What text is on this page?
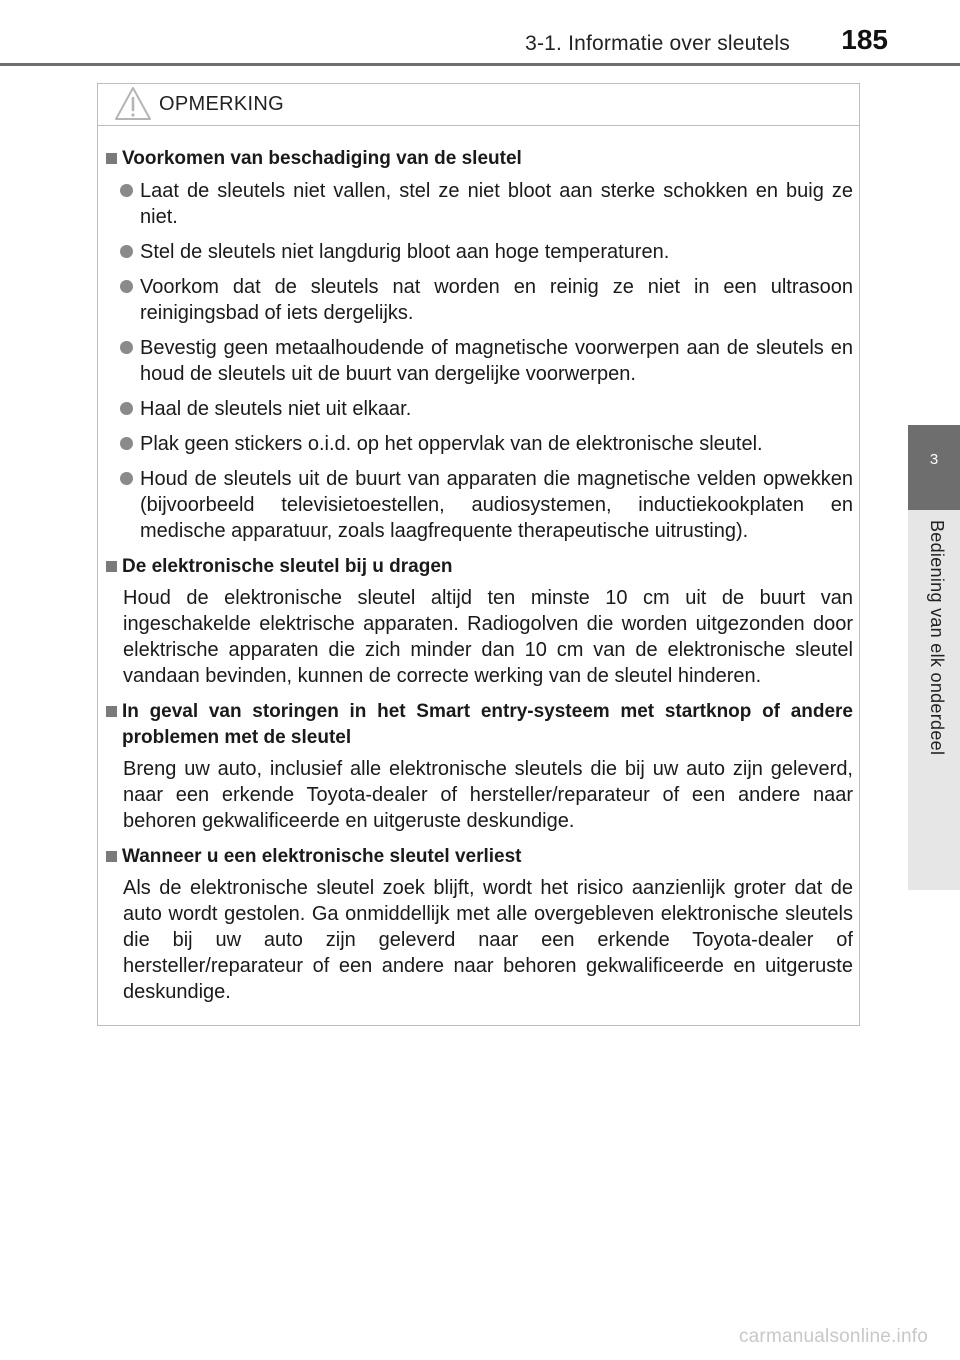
3-1. Informatie over sleutels 185
3
Bediening van elk onderdeel
OPMERKING
Voorkomen van beschadiging van de sleutel
Laat de sleutels niet vallen, stel ze niet bloot aan sterke schokken en buig ze niet.
Stel de sleutels niet langdurig bloot aan hoge temperaturen.
Voorkom dat de sleutels nat worden en reinig ze niet in een ultrasoon reinigingsbad of iets dergelijks.
Bevestig geen metaalhoudende of magnetische voorwerpen aan de sleutels en houd de sleutels uit de buurt van dergelijke voorwerpen.
Haal de sleutels niet uit elkaar.
Plak geen stickers o.i.d. op het oppervlak van de elektronische sleutel.
Houd de sleutels uit de buurt van apparaten die magnetische velden opwekken (bijvoorbeeld televisietoestellen, audiosystemen, inductiekookplaten en medische apparatuur, zoals laagfrequente therapeutische uitrusting).
De elektronische sleutel bij u dragen
Houd de elektronische sleutel altijd ten minste 10 cm uit de buurt van ingeschakelde elektrische apparaten. Radiogolven die worden uitgezonden door elektrische apparaten die zich minder dan 10 cm van de elektronische sleutel vandaan bevinden, kunnen de correcte werking van de sleutel hinderen.
In geval van storingen in het Smart entry-systeem met startknop of andere problemen met de sleutel
Breng uw auto, inclusief alle elektronische sleutels die bij uw auto zijn geleverd, naar een erkende Toyota-dealer of hersteller/reparateur of een andere naar behoren gekwalificeerde en uitgeruste deskundige.
Wanneer u een elektronische sleutel verliest
Als de elektronische sleutel zoek blijft, wordt het risico aanzienlijk groter dat de auto wordt gestolen. Ga onmiddellijk met alle overgebleven elektronische sleutels die bij uw auto zijn geleverd naar een erkende Toyota-dealer of hersteller/reparateur of een andere naar behoren gekwalificeerde en uitgeruste deskundige.
carmanualsonline.info
